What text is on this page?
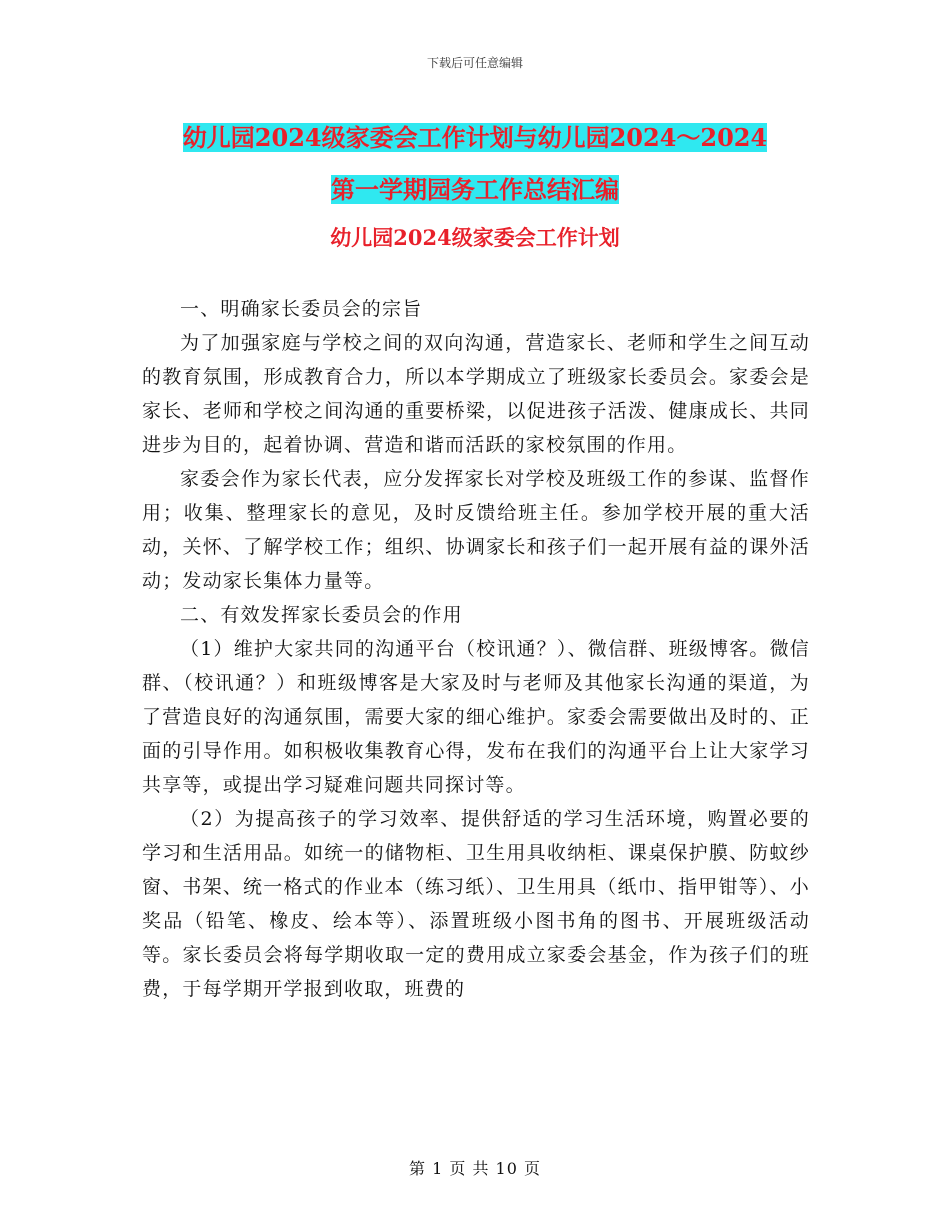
下载后可任意编辑
幼儿园2024级家委会工作计划与幼儿园2024～2024
第一学期园务工作总结汇编
幼儿园2024级家委会工作计划

一、明确家长委员会的宗旨

为了加强家庭与学校之间的双向沟通，营造家长、老师和学生之间互动的教育氛围，形成教育合力，所以本学期成立了班级家长委员会。家委会是家长、老师和学校之间沟通的重要桥梁，以促进孩子活泼、健康成长、共同进步为目的，起着协调、营造和谐而活跃的家校氛围的作用。

家委会作为家长代表，应分发挥家长对学校及班级工作的参谋、监督作用；收集、整理家长的意见，及时反馈给班主任。参加学校开展的重大活动，关怀、了解学校工作；组织、协调家长和孩子们一起开展有益的课外活动；发动家长集体力量等。

二、有效发挥家长委员会的作用

（1）维护大家共同的沟通平台（校讯通？）、微信群、班级博客。微信群、（校讯通？）和班级博客是大家及时与老师及其他家长沟通的渠道，为了营造良好的沟通氛围，需要大家的细心维护。家委会需要做出及时的、正面的引导作用。如积极收集教育心得，发布在我们的沟通平台上让大家学习共享等，或提出学习疑难问题共同探讨等。

（2）为提高孩子的学习效率、提供舒适的学习生活环境，购置必要的学习和生活用品。如统一的储物柜、卫生用具收纳柜、课桌保护膜、防蚊纱窗、书架、统一格式的作业本（练习纸）、卫生用具（纸巾、指甲钳等）、小奖品（铅笔、橡皮、绘本等）、添置班级小图书角的图书、开展班级活动等。家长委员会将每学期收取一定的费用成立家委会基金，作为孩子们的班费，于每学期开学报到收取，班费的

第 1 页 共 10 页
